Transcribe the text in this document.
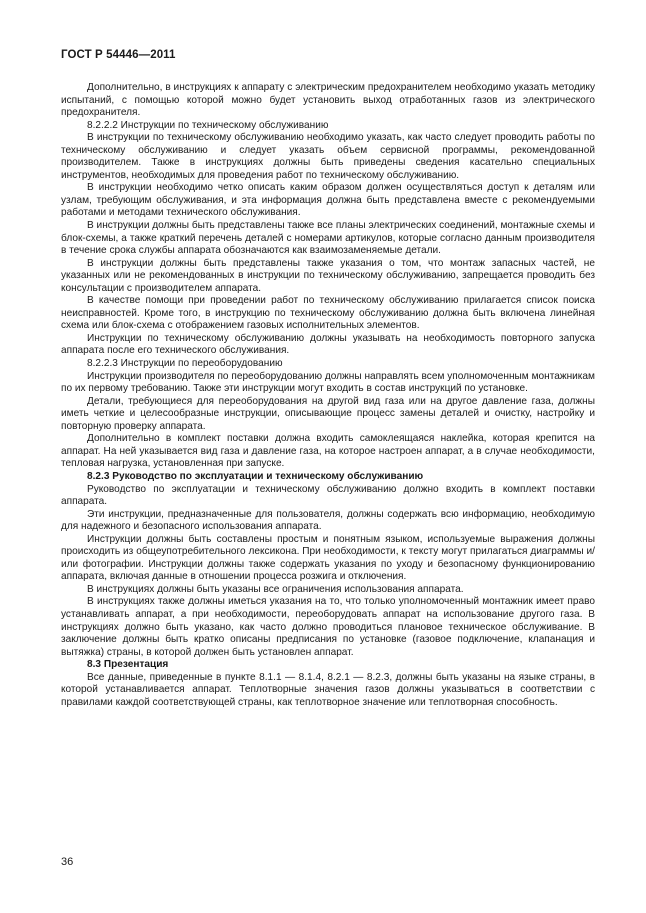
ГОСТ Р 54446—2011

Дополнительно, в инструкциях к аппарату с электрическим предохранителем необходимо указать методику испытаний, с помощью которой можно будет установить выход отработанных газов из электрического предохранителя.

8.2.2.2 Инструкции по техническому обслуживанию

В инструкции по техническому обслуживанию необходимо указать, как часто следует проводить работы по техническому обслуживанию и следует указать объем сервисной программы, рекомендованной производителем. Также в инструкциях должны быть приведены сведения касательно специальных инструментов, необходимых для проведения работ по техническому обслуживанию.

В инструкции необходимо четко описать каким образом должен осуществляться доступ к деталям или узлам, требующим обслуживания, и эта информация должна быть представлена вместе с рекомендуемыми работами и методами технического обслуживания.

В инструкции должны быть представлены также все планы электрических соединений, монтажные схемы и блок-схемы, а также краткий перечень деталей с номерами артикулов, которые согласно данным производителя в течение срока службы аппарата обозначаются как взаимозаменяемые детали.

В инструкции должны быть представлены также указания о том, что монтаж запасных частей, не указанных или не рекомендованных в инструкции по техническому обслуживанию, запрещается проводить без консультации с производителем аппарата.

В качестве помощи при проведении работ по техническому обслуживанию прилагается список поиска неисправностей. Кроме того, в инструкцию по техническому обслуживанию должна быть включена линейная схема или блок-схема с отображением газовых исполнительных элементов.

Инструкции по техническому обслуживанию должны указывать на необходимость повторного запуска аппарата после его технического обслуживания.

8.2.2.3 Инструкции по переоборудованию

Инструкции производителя по переоборудованию должны направлять всем уполномоченным монтажникам по их первому требованию. Также эти инструкции могут входить в состав инструкций по установке.

Детали, требующиеся для переоборудования на другой вид газа или на другое давление газа, должны иметь четкие и целесообразные инструкции, описывающие процесс замены деталей и очистку, настройку и повторную проверку аппарата.

Дополнительно в комплект поставки должна входить самоклеящаяся наклейка, которая крепится на аппарат. На ней указывается вид газа и давление газа, на которое настроен аппарат, а в случае необходимости, тепловая нагрузка, установленная при запуске.

8.2.3 Руководство по эксплуатации и техническому обслуживанию

Руководство по эксплуатации и техническому обслуживанию должно входить в комплект поставки аппарата.

Эти инструкции, предназначенные для пользователя, должны содержать всю информацию, необходимую для надежного и безопасного использования аппарата.

Инструкции должны быть составлены простым и понятным языком, используемые выражения должны происходить из общеупотребительного лексикона. При необходимости, к тексту могут прилагаться диаграммы и/или фотографии. Инструкции должны также содержать указания по уходу и безопасному функционированию аппарата, включая данные в отношении процесса розжига и отключения.

В инструкциях должны быть указаны все ограничения использования аппарата.

В инструкциях также должны иметься указания на то, что только уполномоченный монтажник имеет право устанавливать аппарат, а при необходимости, переоборудовать аппарат на использование другого газа. В инструкциях должно быть указано, как часто должно проводиться плановое техническое обслуживание. В заключение должны быть кратко описаны предписания по установке (газовое подключение, клапанация и вытяжка) страны, в которой должен быть установлен аппарат.

8.3 Презентация

Все данные, приведенные в пункте 8.1.1 — 8.1.4, 8.2.1 — 8.2.3, должны быть указаны на языке страны, в которой устанавливается аппарат. Теплотворные значения газов должны указываться в соответствии с правилами каждой соответствующей страны, как теплотворное значение или теплотворная способность.

36
